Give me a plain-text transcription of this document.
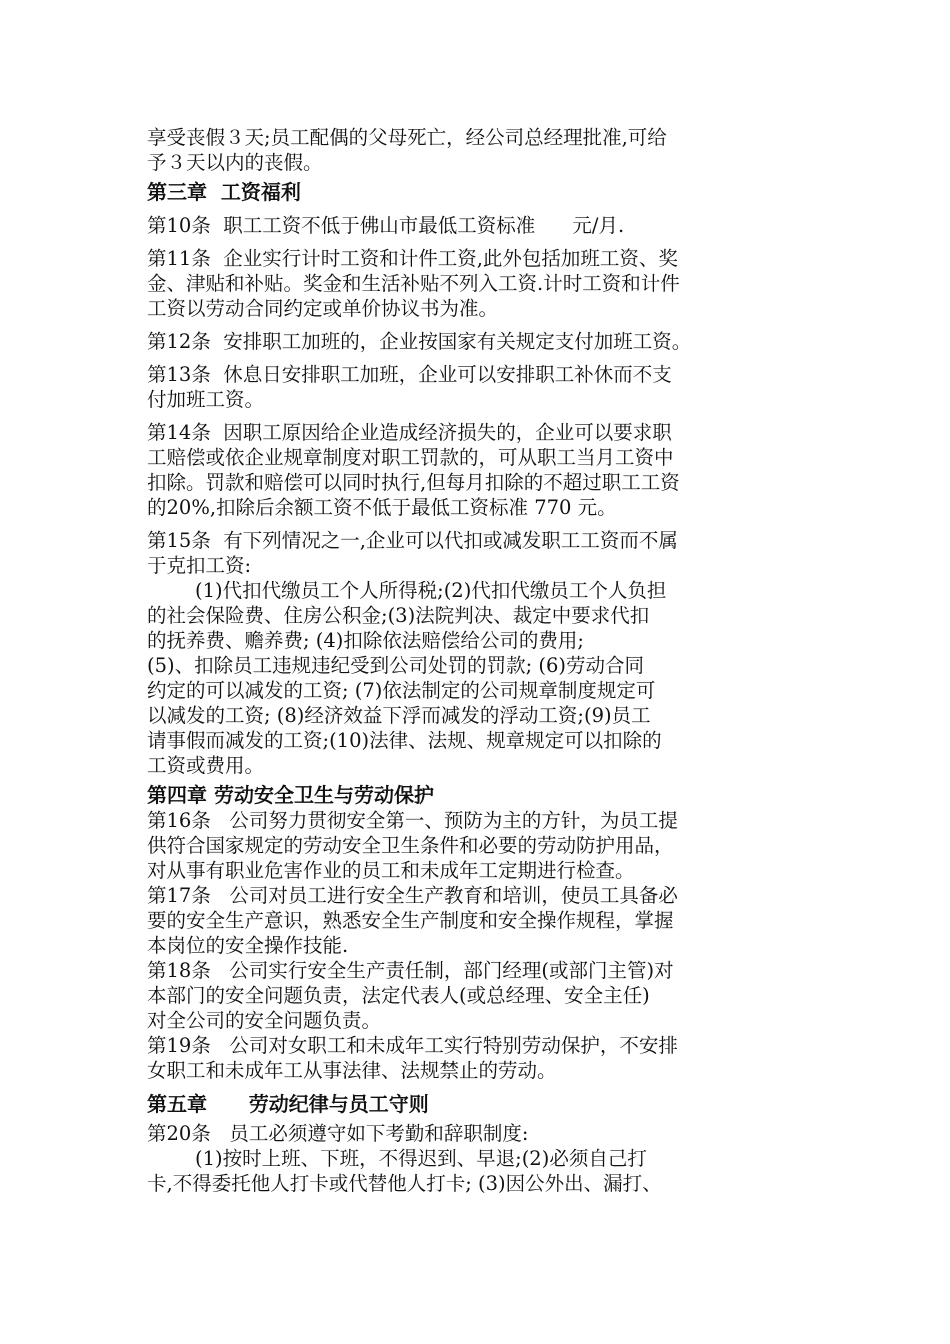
享受丧假３天;员工配偶的父母死亡，经公司总经理批准,可给
予３天以内的丧假。
第三章  工资福利
第10条  职工工资不低于佛山市最低工资标准      元/月.
第11条  企业实行计时工资和计件工资,此外包括加班工资、奖
金、津贴和补贴。奖金和生活补贴不列入工资.计时工资和计件
工资以劳动合同约定或单价协议书为准。
第12条  安排职工加班的，企业按国家有关规定支付加班工资。
第13条  休息日安排职工加班，企业可以安排职工补休而不支
付加班工资。
第14条  因职工原因给企业造成经济损失的，企业可以要求职
工赔偿或依企业规章制度对职工罚款的，可从职工当月工资中
扣除。罚款和赔偿可以同时执行,但每月扣除的不超过职工工资
的20%,扣除后余额工资不低于最低工资标准 770 元。
第15条  有下列情况之一,企业可以代扣或减发职工工资而不属
于克扣工资:
(1)代扣代缴员工个人所得税;(2)代扣代缴员工个人负担
的社会保险费、住房公积金;(3)法院判决、裁定中要求代扣
的抚养费、赡养费; (4)扣除依法赔偿给公司的费用;
(5)、扣除员工违规违纪受到公司处罚的罚款; (6)劳动合同
约定的可以减发的工资; (7)依法制定的公司规章制度规定可
以减发的工资; (8)经济效益下浮而减发的浮动工资;(9)员工
请事假而减发的工资;(10)法律、法规、规章规定可以扣除的
工资或费用。
第四章 劳动安全卫生与劳动保护
第16条   公司努力贯彻安全第一、预防为主的方针，为员工提
供符合国家规定的劳动安全卫生条件和必要的劳动防护用品，
对从事有职业危害作业的员工和未成年工定期进行检查。
第17条   公司对员工进行安全生产教育和培训，使员工具备必
要的安全生产意识，熟悉安全生产制度和安全操作规程，掌握
本岗位的安全操作技能.
第18条   公司实行安全生产责任制，部门经理(或部门主管)对
本部门的安全问题负责，法定代表人(或总经理、安全主任)
对全公司的安全问题负责。
第19条   公司对女职工和未成年工实行特别劳动保护，不安排
女职工和未成年工从事法律、法规禁止的劳动。
第五章      劳动纪律与员工守则
第20条   员工必须遵守如下考勤和辞职制度:
(1)按时上班、下班，不得迟到、早退;(2)必须自己打
卡,不得委托他人打卡或代替他人打卡; (3)因公外出、漏打、
